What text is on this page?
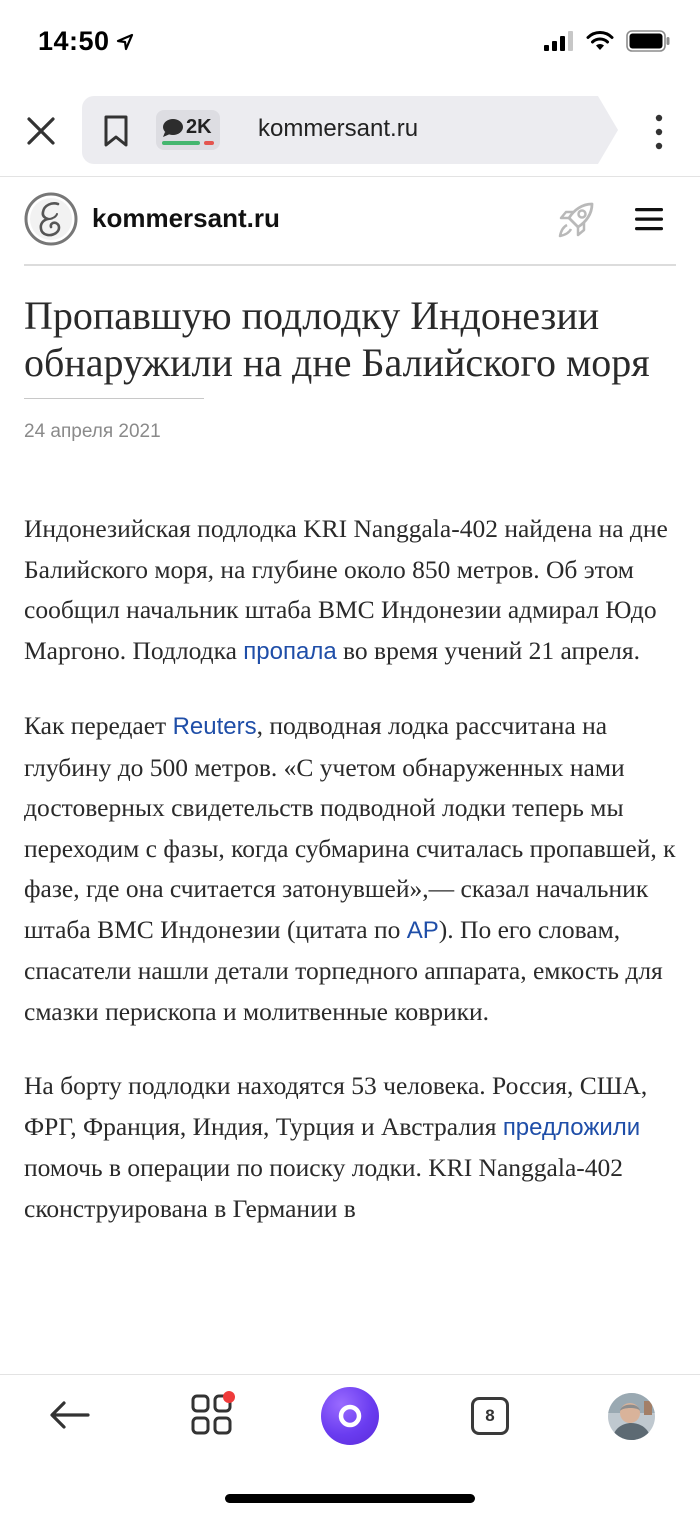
14:50
2K kommersant.ru
kommersant.ru
Пропавшую подлодку Индонезии обнаружили на дне Балийского моря
24 апреля 2021

Индонезийская подлодка KRI Nanggala-402 найдена на дне Балийского моря, на глубине около 850 метров. Об этом сообщил начальник штаба ВМС Индонезии адмирал Юдо Маргоно. Подлодка пропала во время учений 21 апреля.

Как передает Reuters, подводная лодка рассчитана на глубину до 500 метров. «С учетом обнаруженных нами достоверных свидетельств подводной лодки теперь мы переходим с фазы, когда субмарина считалась пропавшей, к фазе, где она считается затонувшей»,— сказал начальник штаба ВМС Индонезии (цитата по AP). По его словам, спасатели нашли детали торпедного аппарата, емкость для смазки перископа и молитвенные коврики.

На борту подлодки находятся 53 человека. Россия, США, ФРГ, Франция, Индия, Турция и Австралия предложили помочь в операции по поиску лодки. KRI Nanggala-402 сконструирована в Германии в

8
